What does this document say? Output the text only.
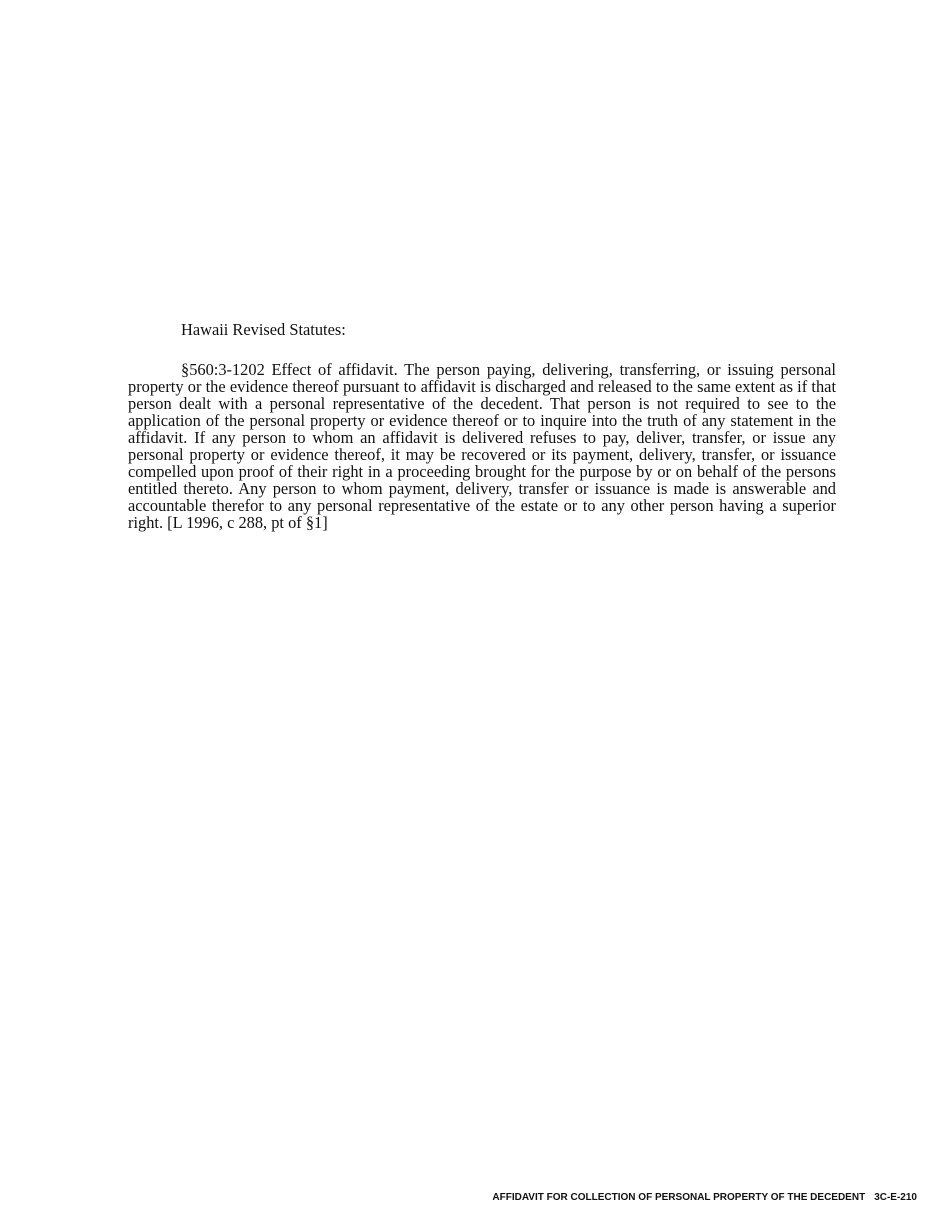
Hawaii Revised Statutes:

§560:3-1202 Effect of affidavit. The person paying, delivering, transferring, or issuing personal property or the evidence thereof pursuant to affidavit is discharged and released to the same extent as if that person dealt with a personal representative of the decedent. That person is not required to see to the application of the personal property or evidence thereof or to inquire into the truth of any statement in the affidavit. If any person to whom an affidavit is delivered refuses to pay, deliver, transfer, or issue any personal property or evidence thereof, it may be recovered or its payment, delivery, transfer, or issuance compelled upon proof of their right in a proceeding brought for the purpose by or on behalf of the persons entitled thereto. Any person to whom payment, delivery, transfer or issuance is made is answerable and accountable therefor to any personal representative of the estate or to any other person having a superior right. [L 1996, c 288, pt of §1]

AFFIDAVIT FOR COLLECTION OF PERSONAL PROPERTY OF THE DECEDENT 3C-E-210
